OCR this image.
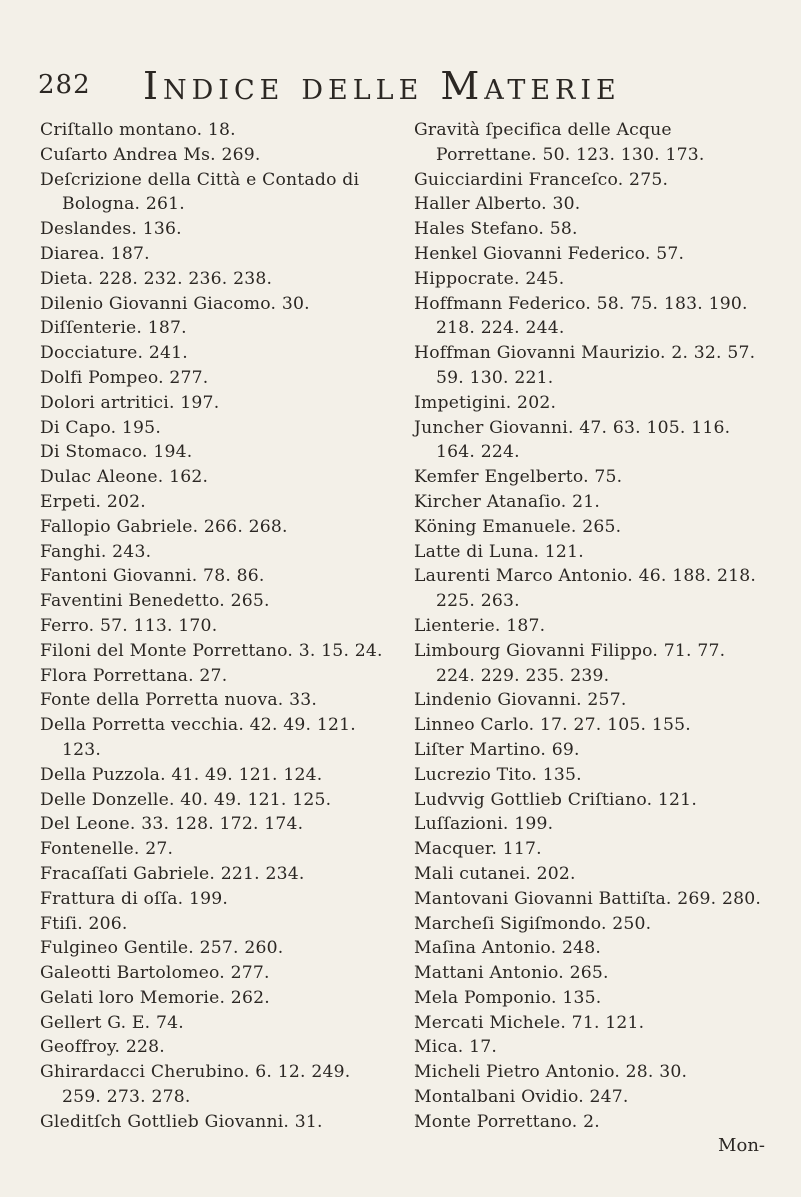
282 Indice delle Materie

Criſtallo montano. 18.

Cuſarto Andrea Ms. 269.

Deſcrizione della Città e Contado di Bologna. 261.

Deslandes. 136.

Diarea. 187.

Dieta. 228. 232. 236. 238.

Dilenio Giovanni Giacomo. 30.

Diſſenterie. 187.

Docciature. 241.

Dolfi Pompeo. 277.

Dolori artritici. 197.

Di Capo. 195.

Di Stomaco. 194.

Dulac Aleone. 162.

Erpeti. 202.

Fallopio Gabriele. 266. 268.

Fanghi. 243.

Fantoni Giovanni. 78. 86.

Faventini Benedetto. 265.

Ferro. 57. 113. 170.

Filoni del Monte Porrettano. 3. 15. 24.

Flora Porrettana. 27.

Fonte della Porretta nuova. 33.

Della Porretta vecchia. 42. 49. 121. 123.

Della Puzzola. 41. 49. 121. 124.

Delle Donzelle. 40. 49. 121. 125.

Del Leone. 33. 128. 172. 174.

Fontenelle. 27.

Fracaſſati Gabriele. 221. 234.

Frattura di oſſa. 199.

Ftiſi. 206.

Fulgineo Gentile. 257. 260.

Galeotti Bartolomeo. 277.

Gelati loro Memorie. 262.

Gellert G. E. 74.

Geoffroy. 228.

Ghirardacci Cherubino. 6. 12. 249. 259. 273. 278.

Gleditſch Gottlieb Giovanni. 31.

Gravità ſpecifica delle Acque Porrettane. 50. 123. 130. 173.

Guicciardini Franceſco. 275.

Haller Alberto. 30.

Hales Stefano. 58.

Henkel Giovanni Federico. 57.

Hippocrate. 245.

Hoffmann Federico. 58. 75. 183. 190. 218. 224. 244.

Hoffman Giovanni Maurizio. 2. 32. 57. 59. 130. 221.

Impetigini. 202.

Juncher Giovanni. 47. 63. 105. 116. 164. 224.

Kemfer Engelberto. 75.

Kircher Atanaſio. 21.

Köning Emanuele. 265.

Latte di Luna. 121.

Laurenti Marco Antonio. 46. 188. 218. 225. 263.

Lienterie. 187.

Limbourg Giovanni Filippo. 71. 77. 224. 229. 235. 239.

Lindenio Giovanni. 257.

Linneo Carlo. 17. 27. 105. 155.

Liſter Martino. 69.

Lucrezio Tito. 135.

Ludvvig Gottlieb Criſtiano. 121.

Luſſazioni. 199.

Macquer. 117.

Mali cutanei. 202.

Mantovani Giovanni Battiſta. 269. 280.

Marcheſi Sigiſmondo. 250.

Maſina Antonio. 248.

Mattani Antonio. 265.

Mela Pomponio. 135.

Mercati Michele. 71. 121.

Mica. 17.

Micheli Pietro Antonio. 28. 30.

Montalbani Ovidio. 247.

Monte Porrettano. 2.

Mon-
